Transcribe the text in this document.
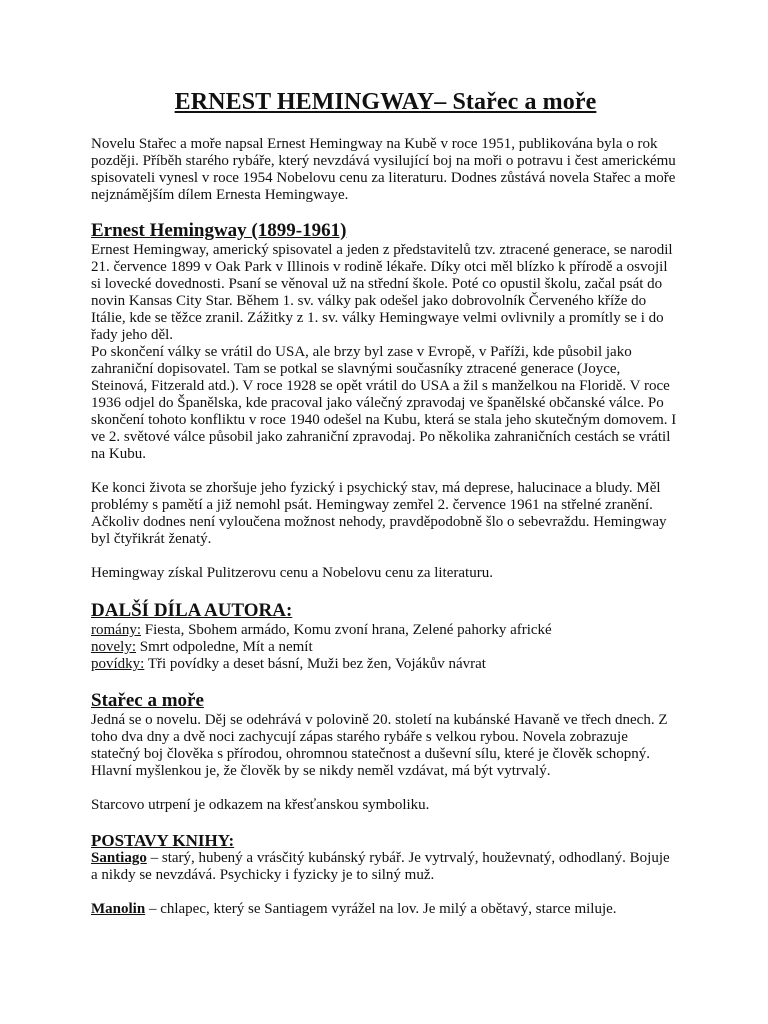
ERNEST HEMINGWAY– Stařec a moře

Novelu Stařec a moře napsal Ernest Hemingway na Kubě v roce 1951, publikována byla o rok později. Příběh starého rybáře, který nevzdává vysilující boj na moři o potravu i čest americkému spisovateli vynesl v roce 1954 Nobelovu cenu za literaturu. Dodnes zůstává novela Stařec a moře nejznámějším dílem Ernesta Hemingwaye.

Ernest Hemingway (1899-1961)

Ernest Hemingway, americký spisovatel a jeden z představitelů tzv. ztracené generace, se narodil 21. července 1899 v Oak Park v Illinois v rodině lékaře. Díky otci měl blízko k přírodě a osvojil si lovecké dovednosti. Psaní se věnoval už na střední škole. Poté co opustil školu, začal psát do novin Kansas City Star. Během 1. sv. války pak odešel jako dobrovolník Červeného kříže do Itálie, kde se těžce zranil. Zážitky z 1. sv. války Hemingwaye velmi ovlivnily a promítly se i do řady jeho děl.

Po skončení války se vrátil do USA, ale brzy byl zase v Evropě, v Paříži, kde působil jako zahraniční dopisovatel. Tam se potkal se slavnými současníky ztracené generace (Joyce, Steinová, Fitzerald atd.). V roce 1928 se opět vrátil do USA a žil s manželkou na Floridě. V roce 1936 odjel do Španělska, kde pracoval jako válečný zpravodaj ve španělské občanské válce. Po skončení tohoto konfliktu v roce 1940 odešel na Kubu, která se stala jeho skutečným domovem. I ve 2. světové válce působil jako zahraniční zpravodaj. Po několika zahraničních cestách se vrátil na Kubu.

Ke konci života se zhoršuje jeho fyzický i psychický stav, má deprese, halucinace a bludy. Měl problémy s pamětí a již nemohl psát. Hemingway zemřel 2. července 1961 na střelné zranění. Ačkoliv dodnes není vyloučena možnost nehody, pravděpodobně šlo o sebevraždu. Hemingway byl čtyřikrát ženatý.

Hemingway získal Pulitzerovu cenu a Nobelovu cenu za literaturu.

DALŠÍ DÍLA AUTORA:

romány: Fiesta, Sbohem armádo, Komu zvoní hrana, Zelené pahorky africké
novely: Smrt odpoledne, Mít a nemít
povídky: Tři povídky a deset básní, Muži bez žen, Vojákův návrat

Stařec a moře

Jedná se o novelu. Děj se odehrává v polovině 20. století na kubánské Havaně ve třech dnech. Z toho dva dny a dvě noci zachycují zápas starého rybáře s velkou rybou. Novela zobrazuje statečný boj člověka s přírodou, ohromnou statečnost a duševní sílu, které je člověk schopný. Hlavní myšlenkou je, že člověk by se nikdy neměl vzdávat, má být vytrvalý.

Starcovo utrpení je odkazem na křesťanskou symboliku.

POSTAVY KNIHY:

Santiago – starý, hubený a vrásčitý kubánský rybář. Je vytrvalý, houževnatý, odhodlaný. Bojuje a nikdy se nevzdává. Psychicky i fyzicky je to silný muž.

Manolin – chlapec, který se Santiagem vyrážel na lov. Je milý a obětavý, starce miluje.
